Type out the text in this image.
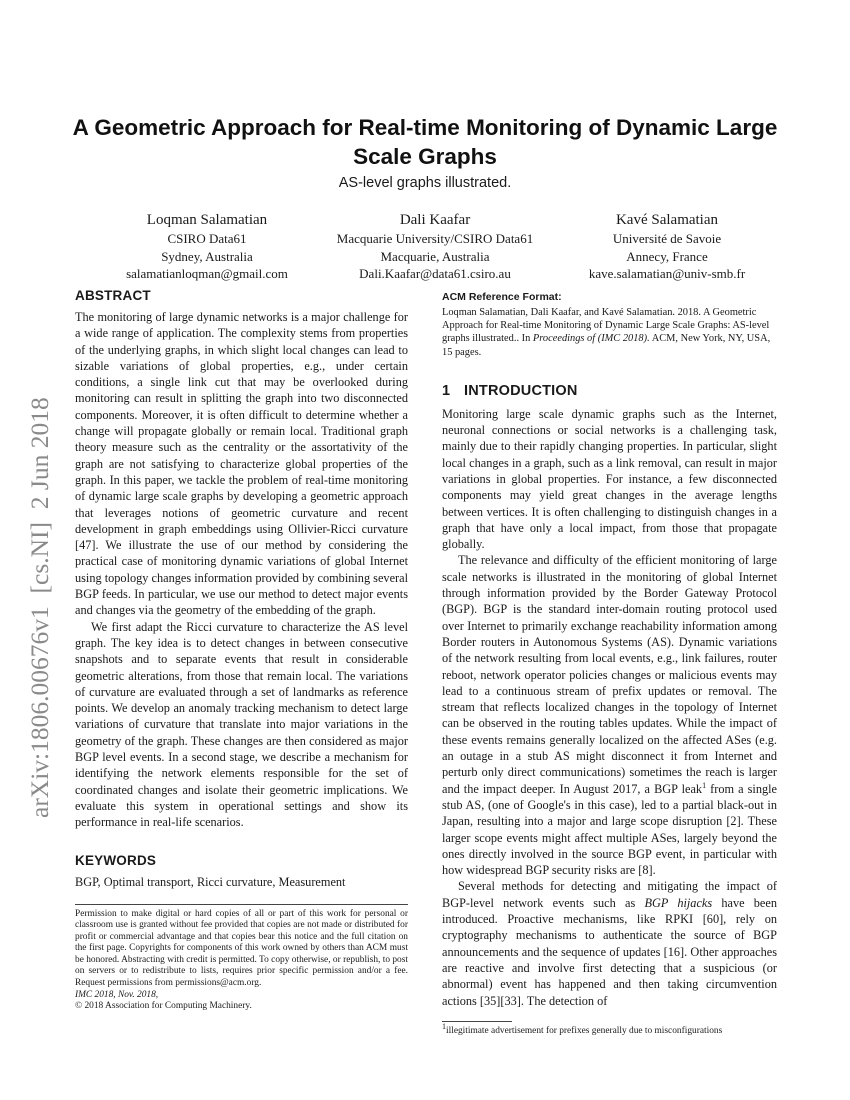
arXiv:1806.00676v1  [cs.NI]  2 Jun 2018
A Geometric Approach for Real-time Monitoring of Dynamic Large Scale Graphs

AS-level graphs illustrated.

Loqman Salamatian
CSIRO Data61
Sydney, Australia
salamatianloqman@gmail.com
Dali Kaafar
Macquarie University/CSIRO Data61
Macquarie, Australia
Dali.Kaafar@data61.csiro.au
Kavé Salamatian
Université de Savoie
Annecy, France
kave.salamatian@univ-smb.fr
ABSTRACT

The monitoring of large dynamic networks is a major challenge for a wide range of application. The complexity stems from properties of the underlying graphs, in which slight local changes can lead to sizable variations of global properties, e.g., under certain conditions, a single link cut that may be overlooked during monitoring can result in splitting the graph into two disconnected components. Moreover, it is often difficult to determine whether a change will propagate globally or remain local. Traditional graph theory measure such as the centrality or the assortativity of the graph are not satisfying to characterize global properties of the graph. In this paper, we tackle the problem of real-time monitoring of dynamic large scale graphs by developing a geometric approach that leverages notions of geometric curvature and recent development in graph embeddings using Ollivier-Ricci curvature [47]. We illustrate the use of our method by considering the practical case of monitoring dynamic variations of global Internet using topology changes information provided by combining several BGP feeds. In particular, we use our method to detect major events and changes via the geometry of the embedding of the graph.

We first adapt the Ricci curvature to characterize the AS level graph. The key idea is to detect changes in between consecutive snapshots and to separate events that result in considerable geometric alterations, from those that remain local. The variations of curvature are evaluated through a set of landmarks as reference points. We develop an anomaly tracking mechanism to detect large variations of curvature that translate into major variations in the geometry of the graph. These changes are then considered as major BGP level events. In a second stage, we describe a mechanism for identifying the network elements responsible for the set of coordinated changes and isolate their geometric implications. We evaluate this system in operational settings and show its performance in real-life scenarios.

KEYWORDS

BGP, Optimal transport, Ricci curvature, Measurement

Permission to make digital or hard copies of all or part of this work for personal or classroom use is granted without fee provided that copies are not made or distributed for profit or commercial advantage and that copies bear this notice and the full citation on the first page. Copyrights for components of this work owned by others than ACM must be honored. Abstracting with credit is permitted. To copy otherwise, or republish, to post on servers or to redistribute to lists, requires prior specific permission and/or a fee. Request permissions from permissions@acm.org.
IMC 2018, Nov. 2018,
© 2018 Association for Computing Machinery.
ACM Reference Format:

Loqman Salamatian, Dali Kaafar, and Kavé Salamatian. 2018. A Geometric Approach for Real-time Monitoring of Dynamic Large Scale Graphs: AS-level graphs illustrated.. In Proceedings of (IMC 2018). ACM, New York, NY, USA, 15 pages.

1 INTRODUCTION

Monitoring large scale dynamic graphs such as the Internet, neuronal connections or social networks is a challenging task, mainly due to their rapidly changing properties. In particular, slight local changes in a graph, such as a link removal, can result in major variations in global properties. For instance, a few disconnected components may yield great changes in the average lengths between vertices. It is often challenging to distinguish changes in a graph that have only a local impact, from those that propagate globally.

The relevance and difficulty of the efficient monitoring of large scale networks is illustrated in the monitoring of global Internet through information provided by the Border Gateway Protocol (BGP). BGP is the standard inter-domain routing protocol used over Internet to primarily exchange reachability information among Border routers in Autonomous Systems (AS). Dynamic variations of the network resulting from local events, e.g., link failures, router reboot, network operator policies changes or malicious events may lead to a continuous stream of prefix updates or removal. The stream that reflects localized changes in the topology of Internet can be observed in the routing tables updates. While the impact of these events remains generally localized on the affected ASes (e.g. an outage in a stub AS might disconnect it from Internet and perturb only direct communications) sometimes the reach is larger and the impact deeper. In August 2017, a BGP leak$^1$ from a single stub AS, (one of Google's in this case), led to a partial black-out in Japan, resulting into a major and large scope disruption [2]. These larger scope events might affect multiple ASes, largely beyond the ones directly involved in the source BGP event, in particular with how widespread BGP security risks are [8].

Several methods for detecting and mitigating the impact of BGP-level network events such as BGP hijacks have been introduced. Proactive mechanisms, like RPKI [60], rely on cryptography mechanisms to authenticate the source of BGP announcements and the sequence of updates [16]. Other approaches are reactive and involve first detecting that a suspicious (or abnormal) event has happened and then taking circumvention actions [35][33]. The detection of

$^1$illegitimate advertisement for prefixes generally due to misconfigurations
